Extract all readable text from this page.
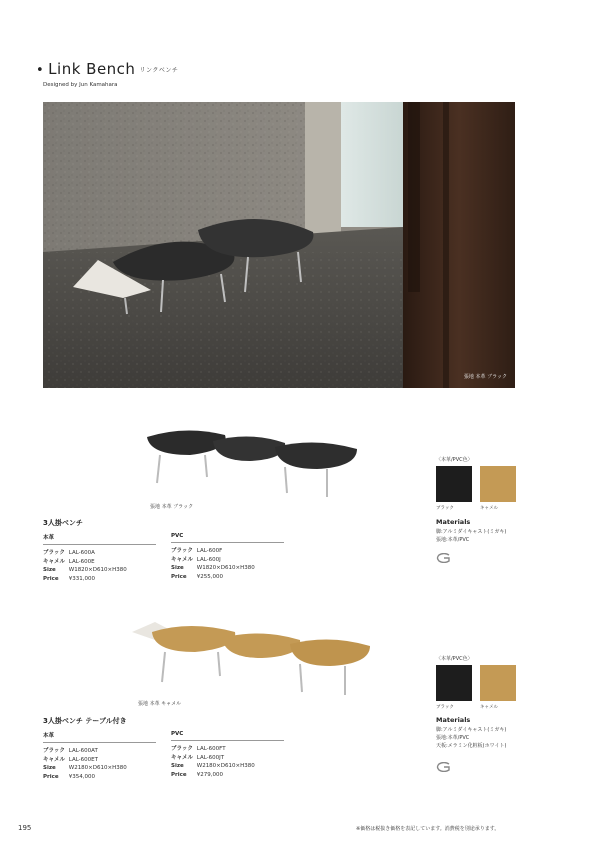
• Link Bench $^{リンクベンチ}$
Designed by Jun Kamahara
張地 本革 ブラック
張地 本革 ブラック
3人掛ベンチ
本革
ブラック LAL-600A
キャメル LAL-600E
Size W1820×D610×H380
Price ¥331,000
PVC
ブラック LAL-600F
キャメル LAL-600J
Size W1820×D610×H380
Price ¥255,000
〈本革/PVC色〉
ブラック	キャメル
Materials
脚:アルミダイキャスト(ミガキ)
張地:本革/PVC
張地 本革 キャメル
3人掛ベンチ テーブル付き
本革
ブラック LAL-600AT
キャメル LAL-600ET
Size W2180×D610×H380
Price ¥354,000
PVC
ブラック LAL-600FT
キャメル LAL-600JT
Size W2180×D610×H380
Price ¥279,000
〈本革/PVC色〉
ブラック	キャメル
Materials
脚:アルミダイキャスト(ミガキ)
張地:本革/PVC
天板:メラミン化粧板(ホワイト)
195	※価格は税抜き価格を表記しています。消費税を別途承ります。
